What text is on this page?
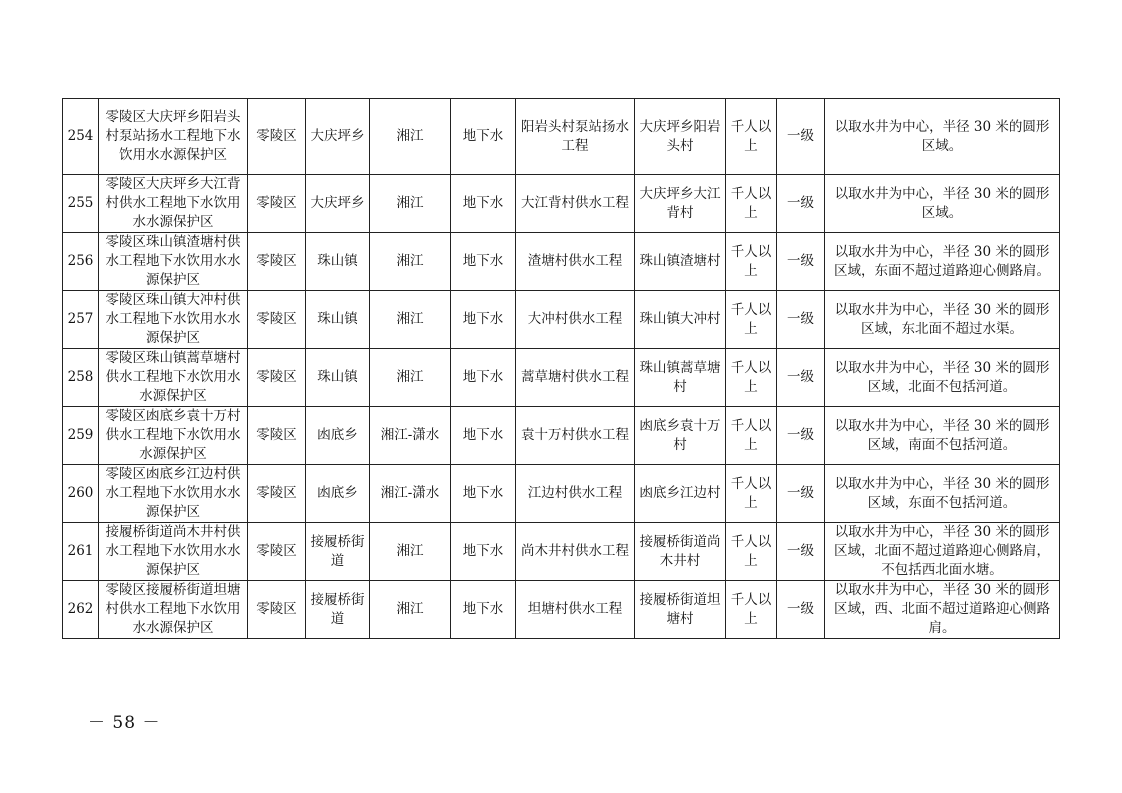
254	零陵区大庆坪乡阳岩头村泵站扬水工程地下水饮用水水源保护区	零陵区	大庆坪乡	湘江	地下水	阳岩头村泵站扬水工程	大庆坪乡阳岩头村	千人以上	一级	以取水井为中心，半径 30 米的圆形区域。
255	零陵区大庆坪乡大江背村供水工程地下水饮用水水源保护区	零陵区	大庆坪乡	湘江	地下水	大江背村供水工程	大庆坪乡大江背村	千人以上	一级	以取水井为中心，半径 30 米的圆形区域。
256	零陵区珠山镇渣塘村供水工程地下水饮用水水源保护区	零陵区	珠山镇	湘江	地下水	渣塘村供水工程	珠山镇渣塘村	千人以上	一级	以取水井为中心，半径 30 米的圆形区域，东面不超过道路迎心侧路肩。
257	零陵区珠山镇大冲村供水工程地下水饮用水水源保护区	零陵区	珠山镇	湘江	地下水	大冲村供水工程	珠山镇大冲村	千人以上	一级	以取水井为中心，半径 30 米的圆形区域，东北面不超过水渠。
258	零陵区珠山镇蒿草塘村供水工程地下水饮用水水源保护区	零陵区	珠山镇	湘江	地下水	蒿草塘村供水工程	珠山镇蒿草塘村	千人以上	一级	以取水井为中心，半径 30 米的圆形区域，北面不包括河道。
259	零陵区凼底乡袁十万村供水工程地下水饮用水水源保护区	零陵区	凼底乡	湘江-潇水	地下水	袁十万村供水工程	凼底乡袁十万村	千人以上	一级	以取水井为中心，半径 30 米的圆形区域，南面不包括河道。
260	零陵区凼底乡江边村供水工程地下水饮用水水源保护区	零陵区	凼底乡	湘江-潇水	地下水	江边村供水工程	凼底乡江边村	千人以上	一级	以取水井为中心，半径 30 米的圆形区域，东面不包括河道。
261	接履桥街道尚木井村供水工程地下水饮用水水源保护区	零陵区	接履桥街道	湘江	地下水	尚木井村供水工程	接履桥街道尚木井村	千人以上	一级	以取水井为中心，半径 30 米的圆形区域，北面不超过道路迎心侧路肩，不包括西北面水塘。
262	零陵区接履桥街道坦塘村供水工程地下水饮用水水源保护区	零陵区	接履桥街道	湘江	地下水	坦塘村供水工程	接履桥街道坦塘村	千人以上	一级	以取水井为中心，半径 30 米的圆形区域，西、北面不超过道路迎心侧路肩。
－ 58 －
